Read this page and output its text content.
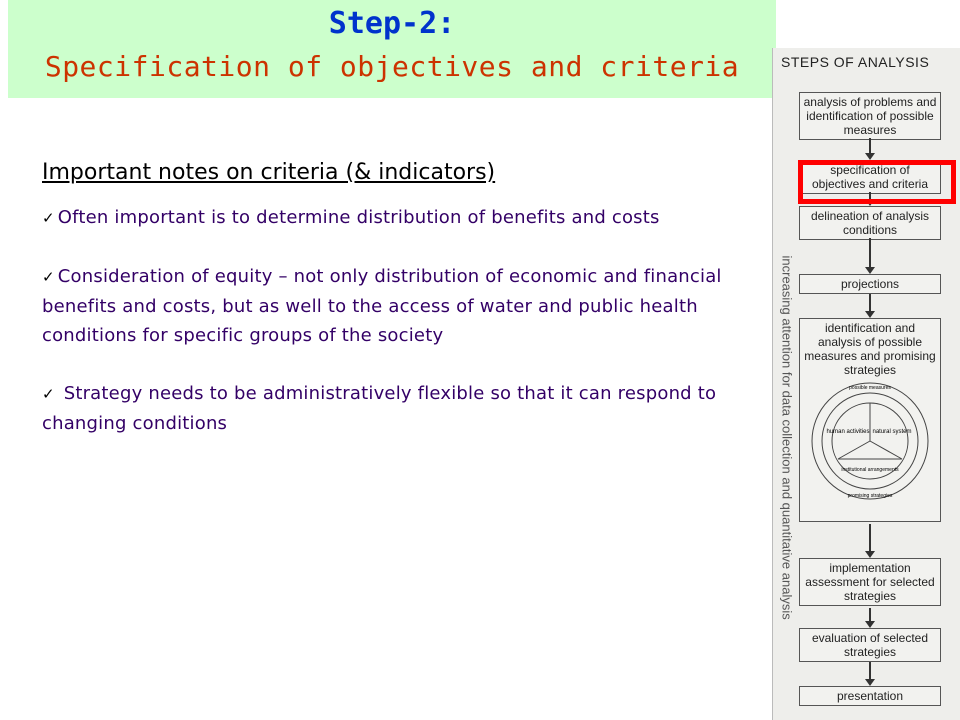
Step-2:
Specification of objectives and criteria
Important notes on criteria (& indicators)
✓ Often important is to determine distribution of benefits and costs
✓ Consideration of equity – not only distribution of economic and financial benefits and costs, but as well to the access of water and public health conditions for specific groups of the society
✓ Strategy needs to be administratively flexible so that it can respond to changing conditions
STEPS OF ANALYSIS
increasing attention for data collection and quantitative analysis
analysis of problems and identification of possible measures
specification of objectives and criteria
delineation of analysis conditions
projections
identification and analysis of possible measures and promising strategies
possible measures
human activities natural system
institutional arrangements
promising strategies
implementation assessment for selected strategies
evaluation of selected strategies
presentation
